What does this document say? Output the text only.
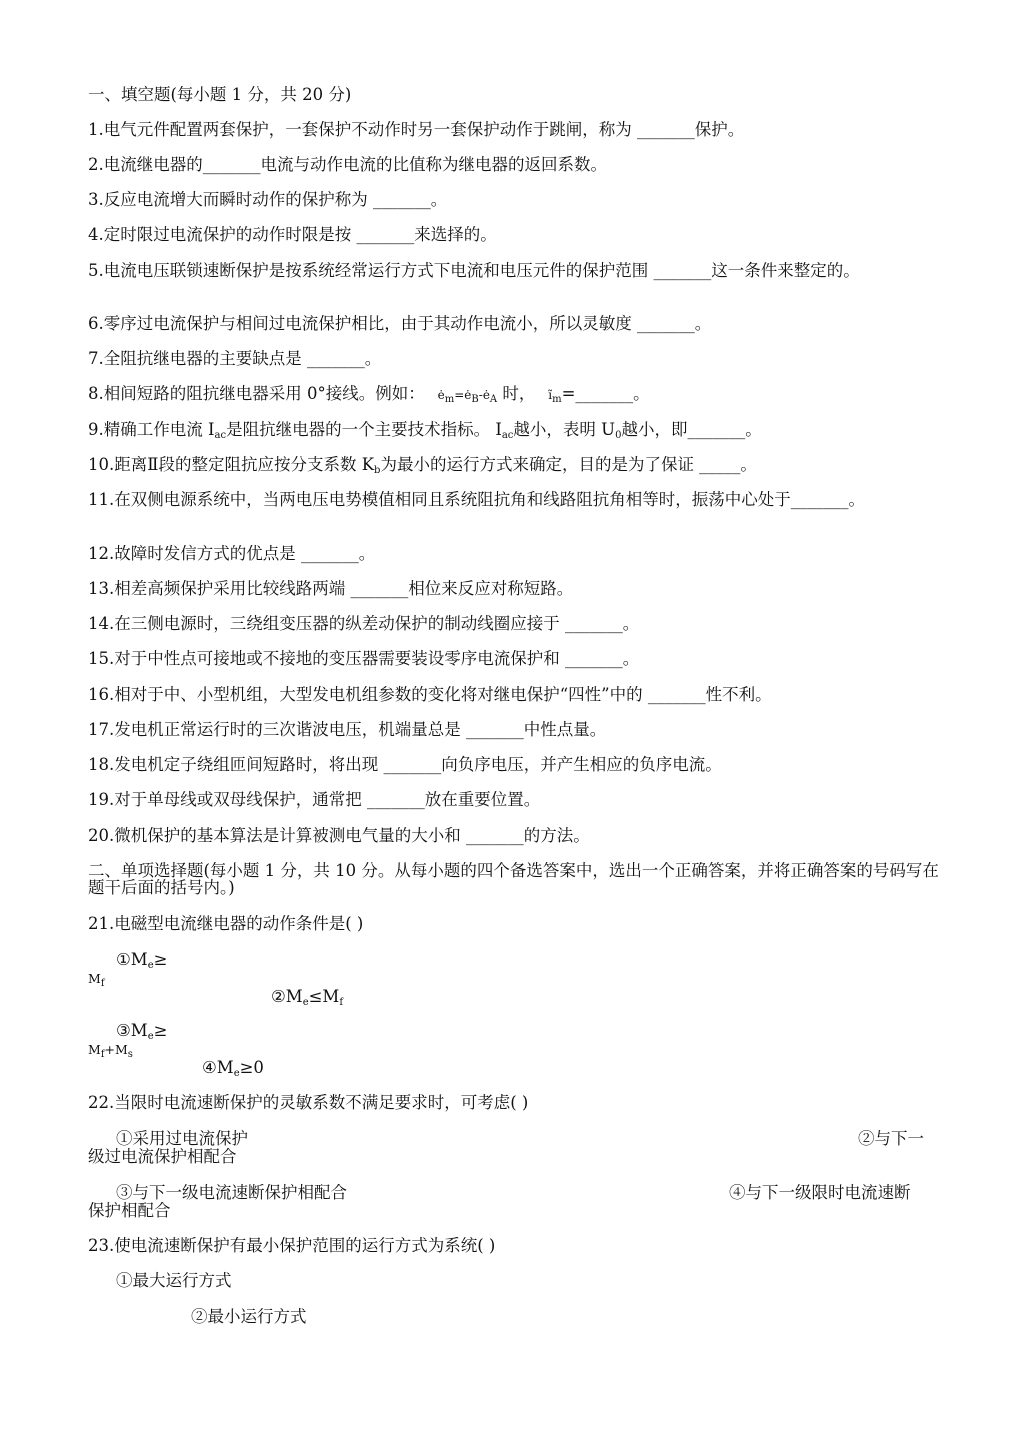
一、填空题(每小题 1 分，共 20 分)
1.电气元件配置两套保护，一套保护不动作时另一套保护动作于跳闸，称为 _______保护。
2.电流继电器的_______电流与动作电流的比值称为继电器的返回系数。
3.反应电流增大而瞬时动作的保护称为 _______。
4.定时限过电流保护的动作时限是按 _______来选择的。
5.电流电压联锁速断保护是按系统经常运行方式下电流和电压元件的保护范围 _______这一条件来整定的。
6.零序过电流保护与相间过电流保护相比，由于其动作电流小，所以灵敏度 _______。
7.全阻抗继电器的主要缺点是 _______。
8.相间短路的阻抗继电器采用 0°接线。例如：   $ė_m=ė_B-ė_A$ 时，   $ĩ_m=\_\_\_\_\_\_\_$。
9.精确工作电流 $I_{ac}$是阻抗继电器的一个主要技术指标。 $I_{ac}$越小，表明 $U_0$越小，即_______。
10.距离Ⅱ段的整定阻抗应按分支系数 $K_b$为最小的运行方式来确定，目的是为了保证 _____。
11.在双侧电源系统中，当两电压电势模值相同且系统阻抗角和线路阻抗角相等时，振荡中心处于_______。
12.故障时发信方式的优点是 _______。
13.相差高频保护采用比较线路两端 _______相位来反应对称短路。
14.在三侧电源时，三绕组变压器的纵差动保护的制动线圈应接于 _______。
15.对于中性点可接地或不接地的变压器需要装设零序电流保护和 _______。
16.相对于中、小型机组，大型发电机组参数的变化将对继电保护“四性”中的 _______性不利。
17.发电机正常运行时的三次谐波电压，机端量总是 _______中性点量。
18.发电机定子绕组匝间短路时，将出现 _______向负序电压，并产生相应的负序电流。
19.对于单母线或双母线保护，通常把 _______放在重要位置。
20.微机保护的基本算法是计算被测电气量的大小和 _______的方法。
二、单项选择题(每小题 1 分，共 10 分。从每小题的四个备选答案中，选出一个正确答案，并将正确答案的号码写在题干后面的括号内。)
21.电磁型电流继电器的动作条件是( )
$①M_e\ge$
$M_f$
$②M_e\le M_f$
$③M_e\ge$
$M_f+M_s$
$④M_e\ge 0$
22.当限时电流速断保护的灵敏系数不满足要求时，可考虑( )
①采用过电流保护	②与下一
级过电流保护相配合
③与下一级电流速断保护相配合	④与下一级限时电流速断
保护相配合
23.使电流速断保护有最小保护范围的运行方式为系统( )
①最大运行方式
②最小运行方式
